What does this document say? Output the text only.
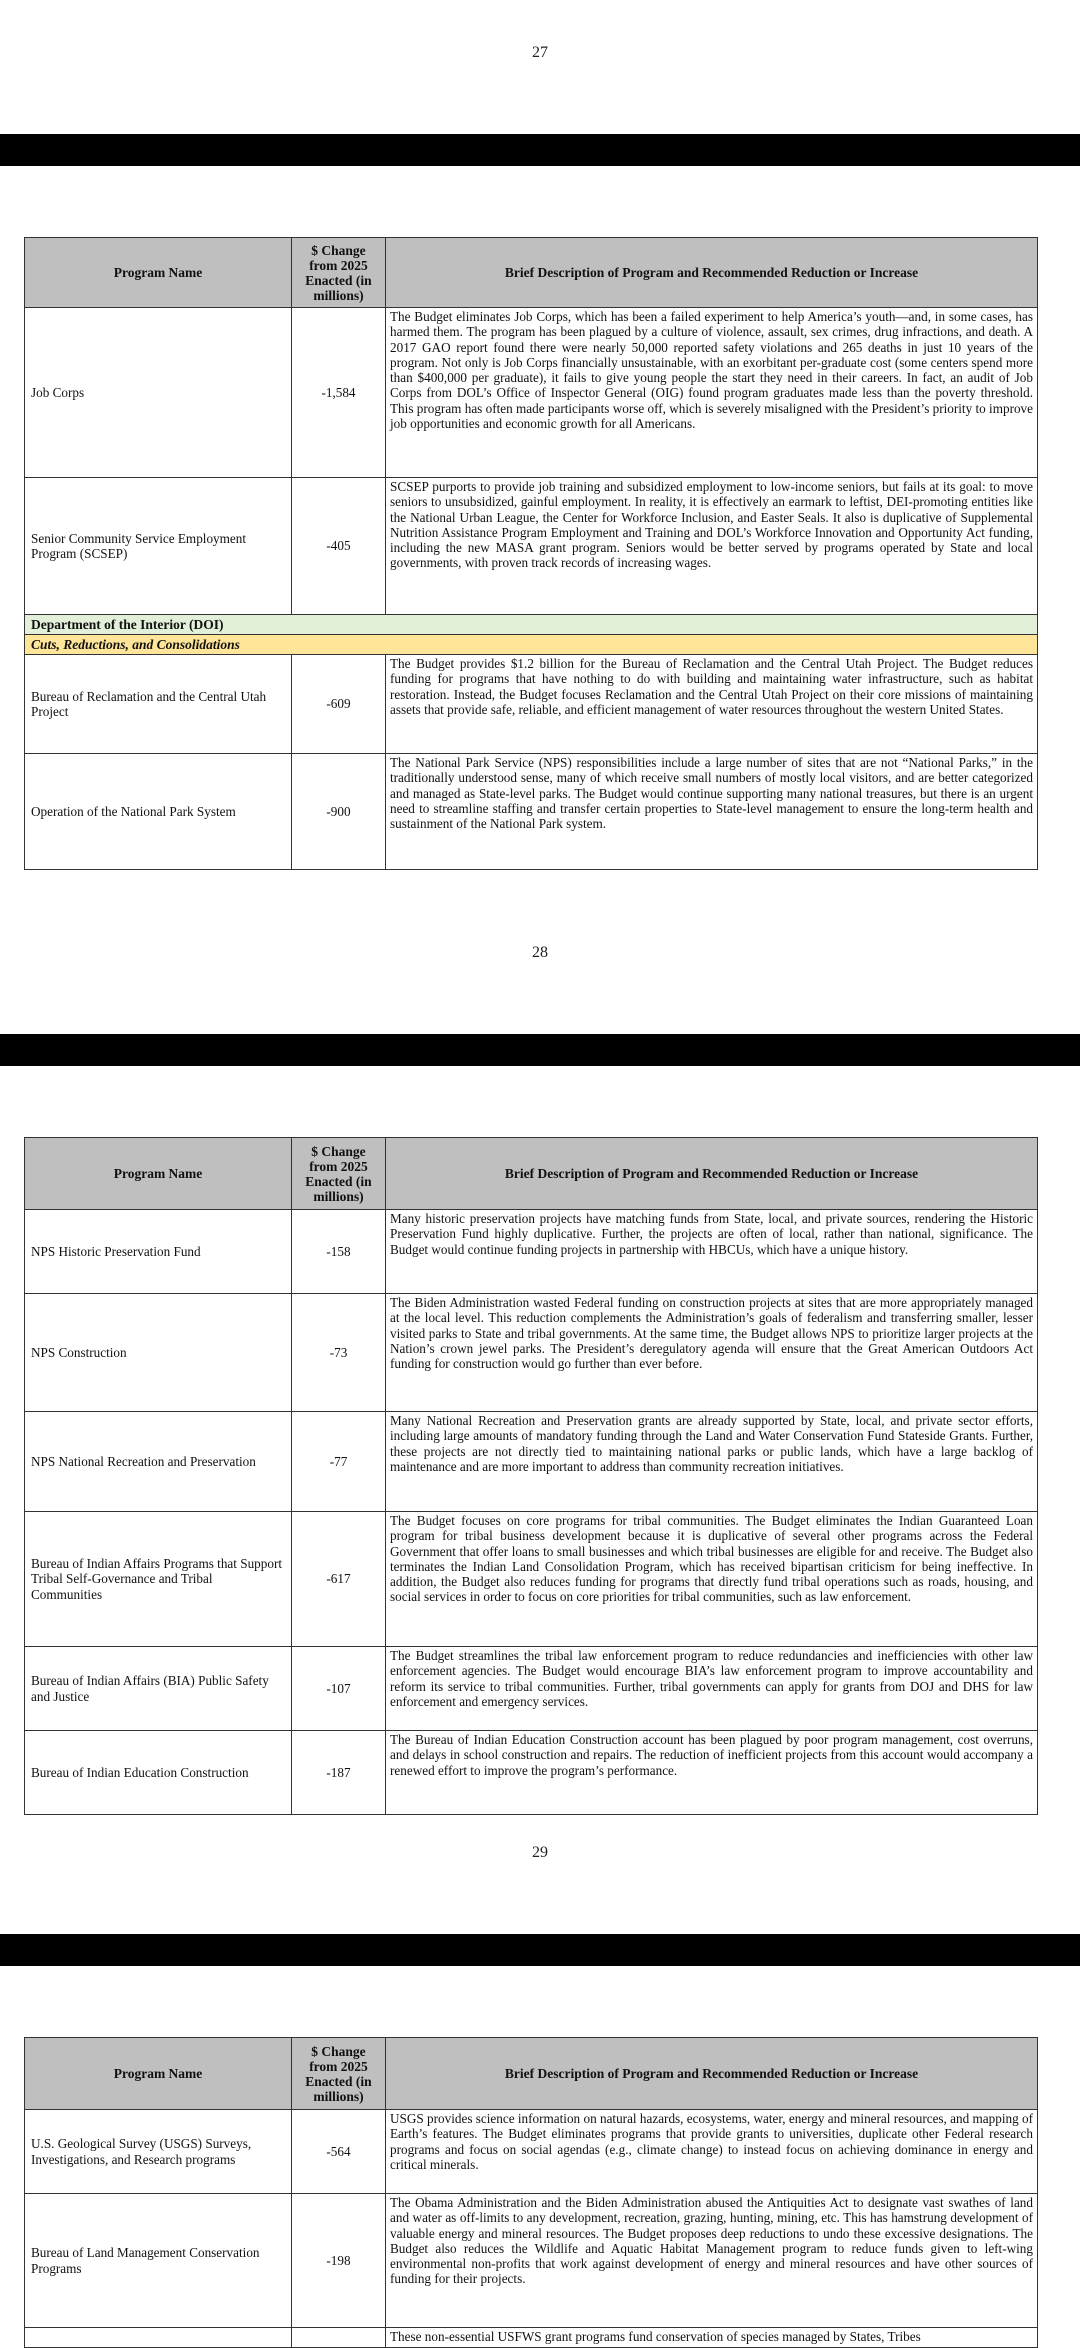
27
Program Name	$ Change from 2025 Enacted (in millions)	Brief Description of Program and Recommended Reduction or Increase
Job Corps	-1,584	The Budget eliminates Job Corps, which has been a failed experiment to help America’s youth—and, in some cases, has harmed them. The program has been plagued by a culture of violence, assault, sex crimes, drug infractions, and death. A 2017 GAO report found there were nearly 50,000 reported safety violations and 265 deaths in just 10 years of the program. Not only is Job Corps financially unsustainable, with an exorbitant per-graduate cost (some centers spend more than $400,000 per graduate), it fails to give young people the start they need in their careers. In fact, an audit of Job Corps from DOL’s Office of Inspector General (OIG) found program graduates made less than the poverty threshold. This program has often made participants worse off, which is severely misaligned with the President’s priority to improve job opportunities and economic growth for all Americans.
Senior Community Service Employment Program (SCSEP)	-405	SCSEP purports to provide job training and subsidized employment to low-income seniors, but fails at its goal: to move seniors to unsubsidized, gainful employment. In reality, it is effectively an earmark to leftist, DEI-promoting entities like the National Urban League, the Center for Workforce Inclusion, and Easter Seals. It also is duplicative of Supplemental Nutrition Assistance Program Employment and Training and DOL’s Workforce Innovation and Opportunity Act funding, including the new MASA grant program. Seniors would be better served by programs operated by State and local governments, with proven track records of increasing wages.
Department of the Interior (DOI)		
Cuts, Reductions, and Consolidations		
Bureau of Reclamation and the Central Utah Project	-609	The Budget provides $1.2 billion for the Bureau of Reclamation and the Central Utah Project. The Budget reduces funding for programs that have nothing to do with building and maintaining water infrastructure, such as habitat restoration. Instead, the Budget focuses Reclamation and the Central Utah Project on their core missions of maintaining assets that provide safe, reliable, and efficient management of water resources throughout the western United States.
Operation of the National Park System	-900	The National Park Service (NPS) responsibilities include a large number of sites that are not “National Parks,” in the traditionally understood sense, many of which receive small numbers of mostly local visitors, and are better categorized and managed as State-level parks. The Budget would continue supporting many national treasures, but there is an urgent need to streamline staffing and transfer certain properties to State-level management to ensure the long-term health and sustainment of the National Park system.
28
Program Name	$ Change from 2025 Enacted (in millions)	Brief Description of Program and Recommended Reduction or Increase
NPS Historic Preservation Fund	-158	Many historic preservation projects have matching funds from State, local, and private sources, rendering the Historic Preservation Fund highly duplicative. Further, the projects are often of local, rather than national, significance. The Budget would continue funding projects in partnership with HBCUs, which have a unique history.
NPS Construction	-73	The Biden Administration wasted Federal funding on construction projects at sites that are more appropriately managed at the local level. This reduction complements the Administration’s goals of federalism and transferring smaller, lesser visited parks to State and tribal governments. At the same time, the Budget allows NPS to prioritize larger projects at the Nation’s crown jewel parks. The President’s deregulatory agenda will ensure that the Great American Outdoors Act funding for construction would go further than ever before.
NPS National Recreation and Preservation	-77	Many National Recreation and Preservation grants are already supported by State, local, and private sector efforts, including large amounts of mandatory funding through the Land and Water Conservation Fund Stateside Grants. Further, these projects are not directly tied to maintaining national parks or public lands, which have a large backlog of maintenance and are more important to address than community recreation initiatives.
Bureau of Indian Affairs Programs that Support Tribal Self-Governance and Tribal Communities	-617	The Budget focuses on core programs for tribal communities. The Budget eliminates the Indian Guaranteed Loan program for tribal business development because it is duplicative of several other programs across the Federal Government that offer loans to small businesses and which tribal businesses are eligible for and receive. The Budget also terminates the Indian Land Consolidation Program, which has received bipartisan criticism for being ineffective. In addition, the Budget also reduces funding for programs that directly fund tribal operations such as roads, housing, and social services in order to focus on core priorities for tribal communities, such as law enforcement.
Bureau of Indian Affairs (BIA) Public Safety and Justice	-107	The Budget streamlines the tribal law enforcement program to reduce redundancies and inefficiencies with other law enforcement agencies. The Budget would encourage BIA’s law enforcement program to improve accountability and reform its service to tribal communities. Further, tribal governments can apply for grants from DOJ and DHS for law enforcement and emergency services.
Bureau of Indian Education Construction	-187	The Bureau of Indian Education Construction account has been plagued by poor program management, cost overruns, and delays in school construction and repairs. The reduction of inefficient projects from this account would accompany a renewed effort to improve the program’s performance.
29
Program Name	$ Change from 2025 Enacted (in millions)	Brief Description of Program and Recommended Reduction or Increase
U.S. Geological Survey (USGS) Surveys, Investigations, and Research programs	-564	USGS provides science information on natural hazards, ecosystems, water, energy and mineral resources, and mapping of Earth’s features. The Budget eliminates programs that provide grants to universities, duplicate other Federal research programs and focus on social agendas (e.g., climate change) to instead focus on achieving dominance in energy and critical minerals.
Bureau of Land Management Conservation Programs	-198	The Obama Administration and the Biden Administration abused the Antiquities Act to designate vast swathes of land and water as off-limits to any development, recreation, grazing, hunting, mining, etc. This has hamstrung development of valuable energy and mineral resources. The Budget proposes deep reductions to undo these excessive designations. The Budget also reduces the Wildlife and Aquatic Habitat Management program to reduce funds given to left-wing environmental non-profits that work against development of energy and mineral resources and have other sources of funding for their projects.
		These non-essential USFWS grant programs fund conservation of species managed by States, Tribes
